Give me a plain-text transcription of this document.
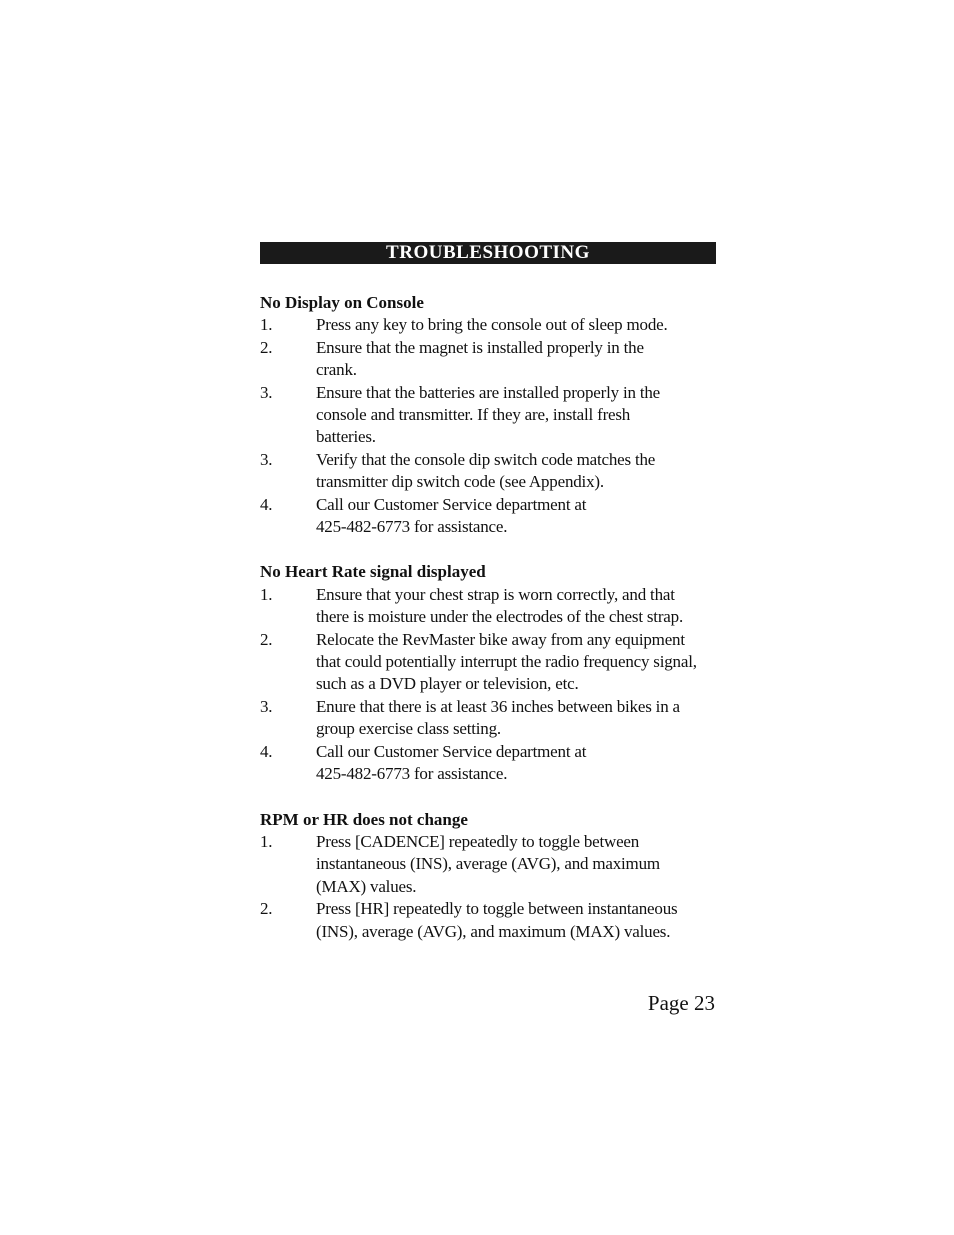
TROUBLESHOOTING
No Display on Console
1.	Press any key to bring the console out of sleep mode.
2.	Ensure that the magnet is installed properly in the
crank.
3.	Ensure that the batteries are installed properly in the
console and transmitter. If they are, install fresh
batteries.
3.	Verify that the console dip switch code matches the
transmitter dip switch code (see Appendix).
4.	Call our Customer Service department at
425-482-6773 for assistance.
No Heart Rate signal displayed
1.	Ensure that your chest strap is worn correctly, and that
there is moisture under the electrodes of the chest strap.
2.	Relocate the RevMaster bike away from any equipment
that could potentially interrupt the radio frequency signal,
such as a DVD player or television, etc.
3.	Enure that there is at least 36 inches between bikes in a
group exercise class setting.
4.	Call our Customer Service department at
425-482-6773 for assistance.
RPM or HR does not change
1.	Press [CADENCE] repeatedly to toggle between
instantaneous (INS), average (AVG), and maximum
(MAX) values.
2.	Press [HR] repeatedly to toggle between instantaneous
(INS), average (AVG), and maximum (MAX) values.
Page 23
